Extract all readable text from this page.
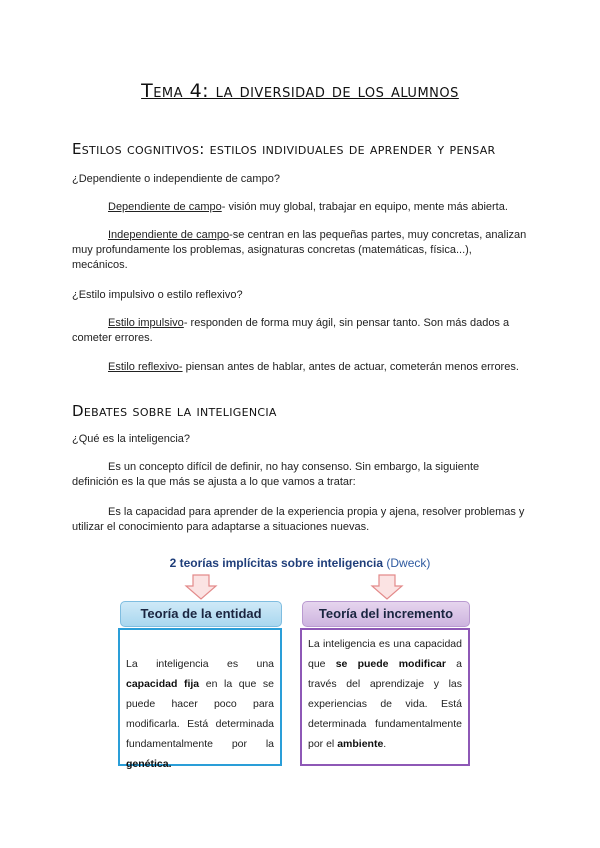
Tema 4: la diversidad de los alumnos
Estilos cognitivos: estilos individuales de aprender y pensar
¿Dependiente o independiente de campo?
Dependiente de campo- visión muy global, trabajar en equipo, mente más abierta.
Independiente de campo-se centran en las pequeñas partes, muy concretas, analizan muy profundamente los problemas, asignaturas concretas (matemáticas, física...), mecánicos.
¿Estilo impulsivo o estilo reflexivo?
Estilo impulsivo- responden de forma muy ágil, sin pensar tanto. Son más dados a cometer errores.
Estilo reflexivo- piensan antes de hablar, antes de actuar, cometerán menos errores.
Debates sobre la inteligencia
¿Qué es la inteligencia?
Es un concepto difícil de definir, no hay consenso. Sin embargo, la siguiente definición es la que más se ajusta a lo que vamos a tratar:
Es la capacidad para aprender de la experiencia propia y ajena, resolver problemas y utilizar el conocimiento para adaptarse a situaciones nuevas.
2 teorías implícitas sobre inteligencia (Dweck)
La inteligencia es una capacidad fija en la que se puede hacer poco para modificarla. Está determinada fundamentalmente por la genética.
Teoría de la entidad
La inteligencia es una capacidad que se puede modificar a través del aprendizaje y las experiencias de vida. Está determinada fundamentalmente por el ambiente.
Teoría del incremento
